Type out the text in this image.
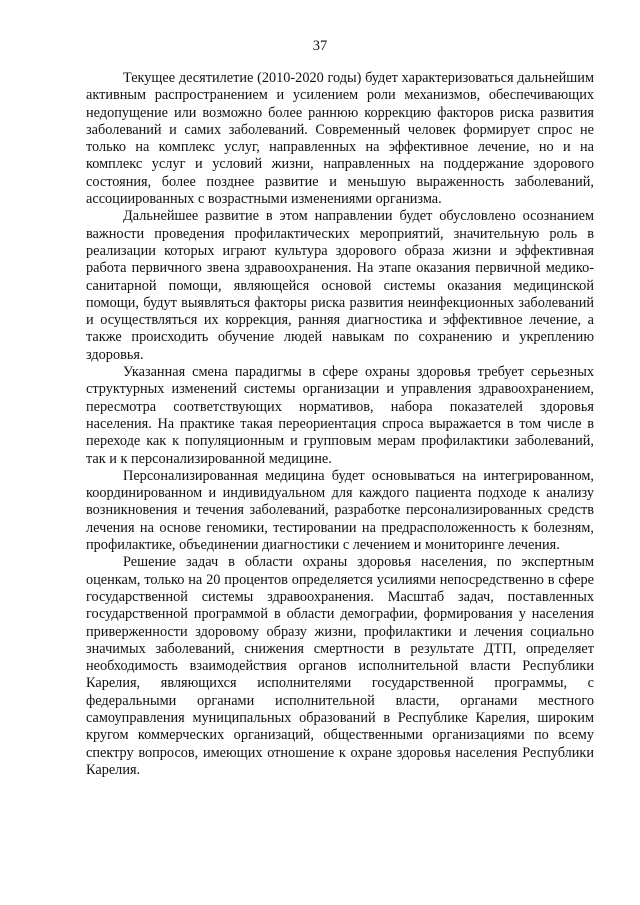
37

Текущее десятилетие (2010-2020 годы) будет характеризоваться дальнейшим активным распространением и усилением роли механизмов, обеспечивающих недопущение или возможно более раннюю коррекцию факторов риска развития заболеваний и самих заболеваний. Современный человек формирует спрос не только на комплекс услуг, направленных на эффективное лечение, но и на комплекс услуг и условий жизни, направленных на поддержание здорового состояния, более позднее развитие и меньшую выраженность заболеваний, ассоциированных с возрастными изменениями организма.

Дальнейшее развитие в этом направлении будет обусловлено осознанием важности проведения профилактических мероприятий, значительную роль в реализации которых играют культура здорового образа жизни и эффективная работа первичного звена здравоохранения. На этапе оказания первичной медико-санитарной помощи, являющейся основой системы оказания медицинской помощи, будут выявляться факторы риска развития неинфекционных заболеваний и осуществляться их коррекция, ранняя диагностика и эффективное лечение, а также происходить обучение людей навыкам по сохранению и укреплению здоровья.

Указанная смена парадигмы в сфере охраны здоровья требует серьезных структурных изменений системы организации и управления здравоохранением, пересмотра соответствующих нормативов, набора показателей здоровья населения. На практике такая переориентация спроса выражается в том числе в переходе как к популяционным и групповым мерам профилактики заболеваний, так и к персонализированной медицине.

Персонализированная медицина будет основываться на интегрированном, координированном и индивидуальном для каждого пациента подходе к анализу возникновения и течения заболеваний, разработке персонализированных средств лечения на основе геномики, тестировании на предрасположенность к болезням, профилактике, объединении диагностики с лечением и мониторинге лечения.

Решение задач в области охраны здоровья населения, по экспертным оценкам, только на 20 процентов определяется усилиями непосредственно в сфере государственной системы здравоохранения. Масштаб задач, поставленных государственной программой в области демографии, формирования у населения приверженности здоровому образу жизни, профилактики и лечения социально значимых заболеваний, снижения смертности в результате ДТП, определяет необходимость взаимодействия органов исполнительной власти Республики Карелия, являющихся исполнителями государственной программы, с федеральными органами исполнительной власти, органами местного самоуправления муниципальных образований в Республике Карелия, широким кругом коммерческих организаций, общественными организациями по всему спектру вопросов, имеющих отношение к охране здоровья населения Республики Карелия.
